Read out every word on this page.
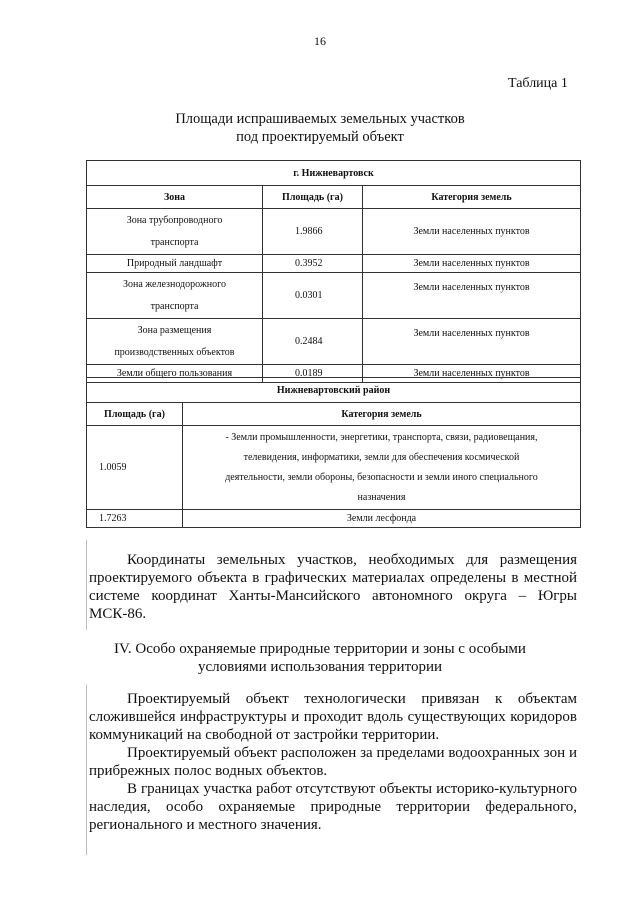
16
Таблица 1
Площади испрашиваемых земельных участков
под проектируемый объект
г. Нижневартовск		
Зона	Площадь (га)	Категория земель

Зона трубопроводного
транспорта	1.9866	Земли населенных пунктов
Природный ландшафт	0.3952	Земли населенных пунктов

Зона железнодорожного
транспорта	0.0301	Земли населенных пунктов

Зона размещения
производственных объектов	0.2484	Земли населенных пунктов
Земли общего пользования	0.0189	Земли населенных пунктов
Нижневартовский район	
Площадь (га)	Категория земель
1.0059	- Земли промышленности, энергетики, транспорта, связи, радиовещания,
телевидения, информатики, земли для обеспечения космической
деятельности, земли обороны, безопасности и земли иного специального
назначения

1.7263	Земли лесфонда

Координаты земельных участков, необходимых для размещения проектируемого объекта в графических материалах определены в местной системе координат Ханты-Мансийского автономного округа – Югры МСК-86.

IV. Особо охраняемые природные территории и зоны с особыми
условиями использования территории

Проектируемый объект технологически привязан к объектам сложившейся инфраструктуры и проходит вдоль существующих коридоров коммуникаций на свободной от застройки территории.

Проектируемый объект расположен за пределами водоохранных зон и прибрежных полос водных объектов.

В границах участка работ отсутствуют объекты историко-культурного наследия, особо охраняемые природные территории федерального, регионального и местного значения.
